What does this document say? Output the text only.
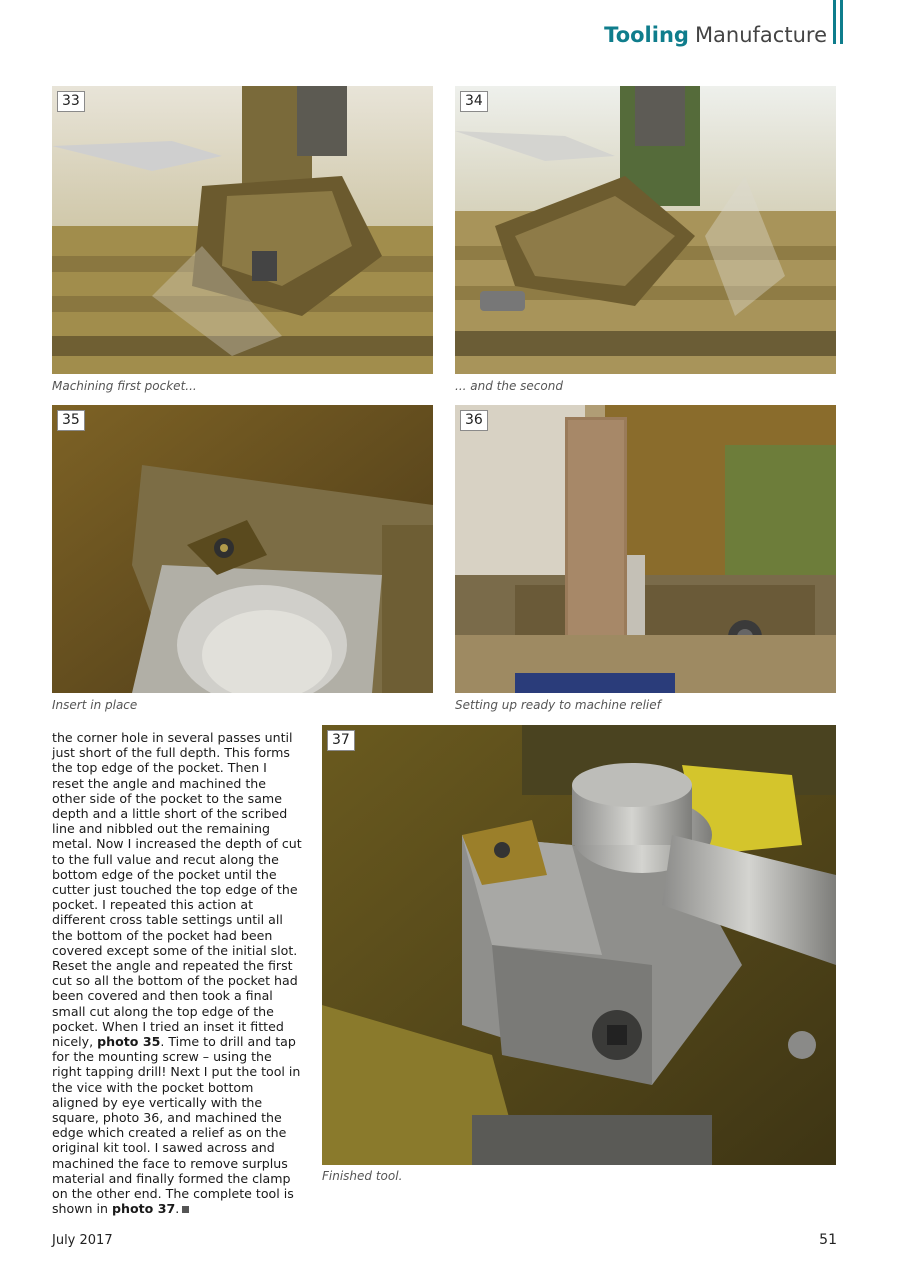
Tooling Manufacture
33
Machining first pocket...
34
... and the second
35
Insert in place
36
Setting up ready to machine relief
the corner hole in several passes until just short of the full depth. This forms the top edge of the pocket. Then I reset the angle and machined the other side of the pocket to the same depth and a little short of the scribed line and nibbled out the remaining metal. Now I increased the depth of cut to the full value and recut along the bottom edge of the pocket until the cutter just touched the top edge of the pocket. I repeated this action at different cross table settings until all the bottom of the pocket had been covered except some of the initial slot. Reset the angle and repeated the first cut so all the bottom of the pocket had been covered and then took a final small cut along the top edge of the pocket. When I tried an inset it fitted nicely, photo 35. Time to drill and tap for the mounting screw – using the right tapping drill! Next I put the tool in the vice with the pocket bottom aligned by eye vertically with the square, photo 36, and machined the edge which created a relief as on the original kit tool. I sawed across and machined the face to remove surplus material and finally formed the clamp on the other end. The complete tool is shown in photo 37.
37
Finished tool.
July 2017	51
